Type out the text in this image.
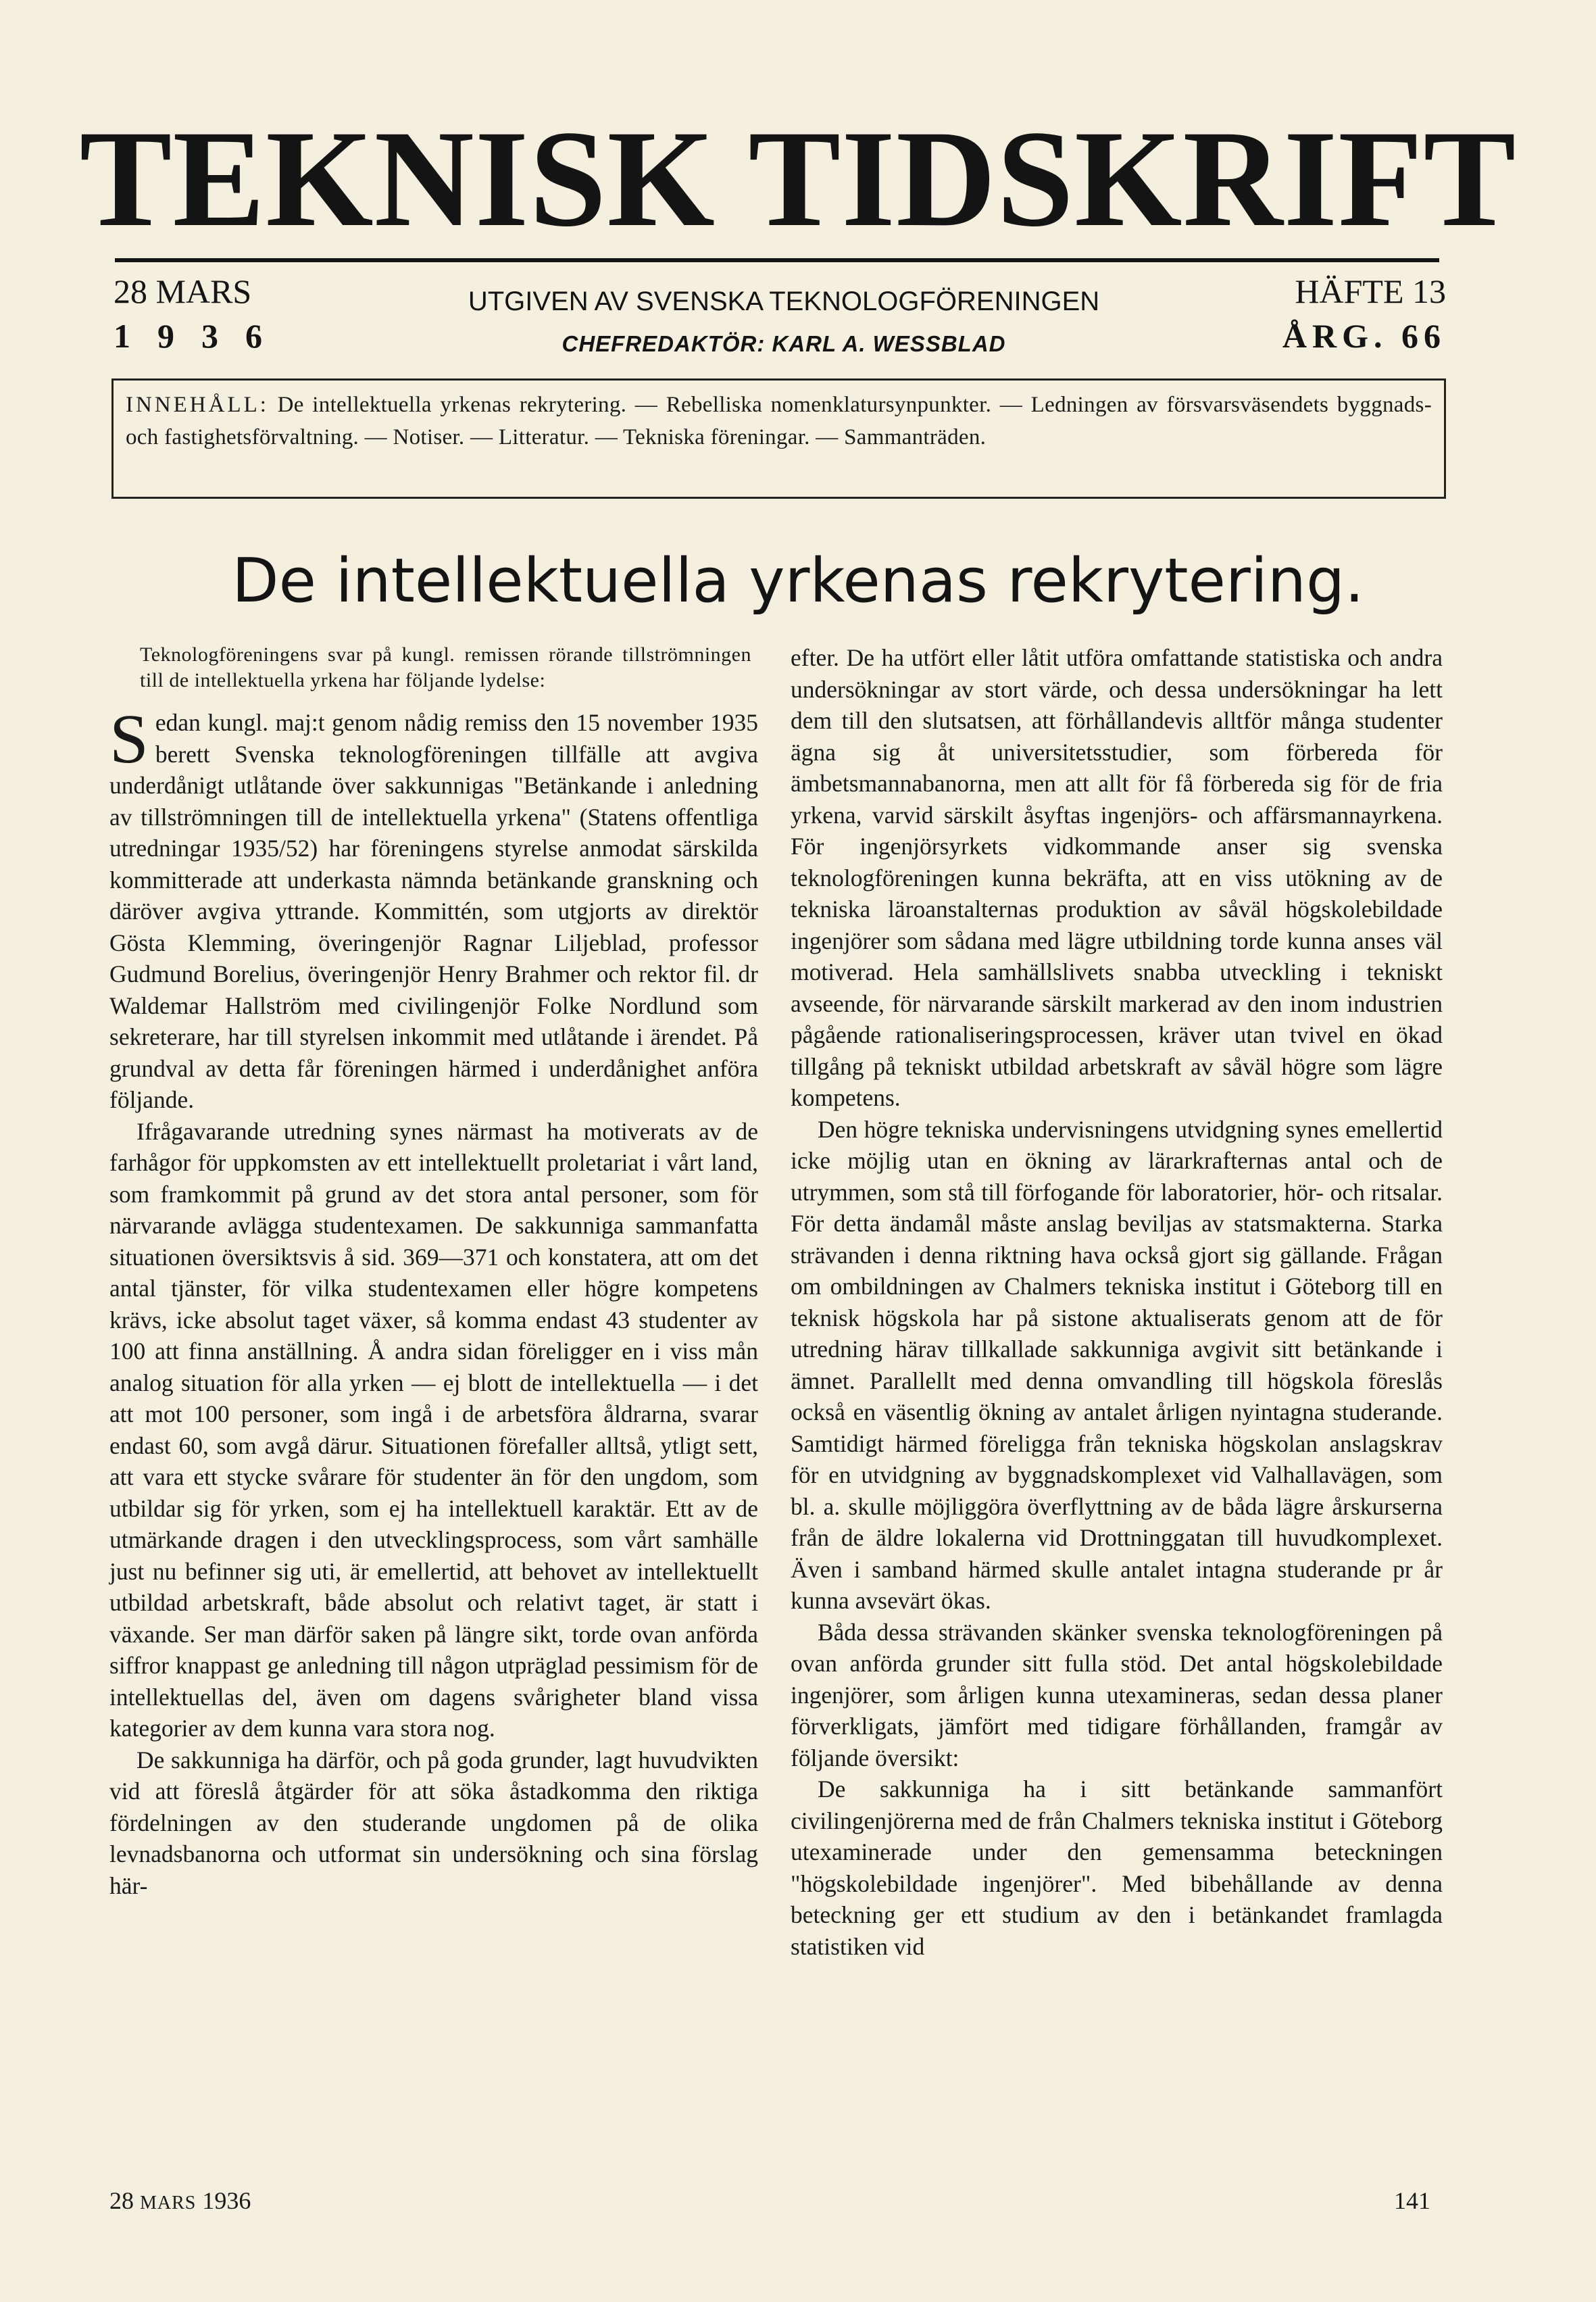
TEKNISK TIDSKRIFT
28 MARS
1936
UTGIVEN AV SVENSKA TEKNOLOGFÖRENINGEN
CHEFREDAKTÖR: KARL A. WESSBLAD
HÄFTE 13
ÅRG. 66
INNEHÅLL: De intellektuella yrkenas rekrytering. — Rebelliska nomenklatursynpunkter. — Ledningen av försvarsväsendets byggnads- och fastighetsförvaltning. — Notiser. — Litteratur. — Tekniska föreningar. — Sammanträden.
De intellektuella yrkenas rekrytering.

Teknologföreningens svar på kungl. remissen rörande tillströmningen till de intellektuella yrkena har följande lydelse:

Sedan kungl. maj:t genom nådig remiss den 15 november 1935 berett Svenska teknologföreningen tillfälle att avgiva underdånigt utlåtande över sakkunnigas "Betänkande i anledning av tillströmningen till de intellektuella yrkena" (Statens offentliga utredningar 1935/52) har föreningens styrelse anmodat särskilda kommitterade att underkasta nämnda betänkande granskning och däröver avgiva yttrande. Kommittén, som utgjorts av direktör Gösta Klemming, överingenjör Ragnar Liljeblad, professor Gudmund Borelius, överingenjör Henry Brahmer och rektor fil. dr Waldemar Hallström med civilingenjör Folke Nordlund som sekreterare, har till styrelsen inkommit med utlåtande i ärendet. På grundval av detta får föreningen härmed i underdånighet anföra följande.

Ifrågavarande utredning synes närmast ha motiverats av de farhågor för uppkomsten av ett intellektuellt proletariat i vårt land, som framkommit på grund av det stora antal personer, som för närvarande avlägga studentexamen. De sakkunniga sammanfatta situationen översiktsvis å sid. 369—371 och konstatera, att om det antal tjänster, för vilka studentexamen eller högre kompetens krävs, icke absolut taget växer, så komma endast 43 studenter av 100 att finna anställning. Å andra sidan föreligger en i viss mån analog situation för alla yrken — ej blott de intellektuella — i det att mot 100 personer, som ingå i de arbetsföra åldrarna, svarar endast 60, som avgå därur. Situationen förefaller alltså, ytligt sett, att vara ett stycke svårare för studenter än för den ungdom, som utbildar sig för yrken, som ej ha intellektuell karaktär. Ett av de utmärkande dragen i den utvecklingsprocess, som vårt samhälle just nu befinner sig uti, är emellertid, att behovet av intellektuellt utbildad arbetskraft, både absolut och relativt taget, är statt i växande. Ser man därför saken på längre sikt, torde ovan anförda siffror knappast ge anledning till någon utpräglad pessimism för de intellektuellas del, även om dagens svårigheter bland vissa kategorier av dem kunna vara stora nog.

De sakkunniga ha därför, och på goda grunder, lagt huvudvikten vid att föreslå åtgärder för att söka åstadkomma den riktiga fördelningen av den studerande ungdomen på de olika levnadsbanorna och utformat sin undersökning och sina förslag här-

efter. De ha utfört eller låtit utföra omfattande statistiska och andra undersökningar av stort värde, och dessa undersökningar ha lett dem till den slutsatsen, att förhållandevis alltför många studenter ägna sig åt universitetsstudier, som förbereda för ämbetsmannabanorna, men att allt för få förbereda sig för de fria yrkena, varvid särskilt åsyftas ingenjörs- och affärsmannayrkena. För ingenjörsyrkets vidkommande anser sig svenska teknologföreningen kunna bekräfta, att en viss utökning av de tekniska läroanstalternas produktion av såväl högskolebildade ingenjörer som sådana med lägre utbildning torde kunna anses väl motiverad. Hela samhällslivets snabba utveckling i tekniskt avseende, för närvarande särskilt markerad av den inom industrien pågående rationaliseringsprocessen, kräver utan tvivel en ökad tillgång på tekniskt utbildad arbetskraft av såväl högre som lägre kompetens.

Den högre tekniska undervisningens utvidgning synes emellertid icke möjlig utan en ökning av lärarkrafternas antal och de utrymmen, som stå till förfogande för laboratorier, hör- och ritsalar. För detta ändamål måste anslag beviljas av statsmakterna. Starka strävanden i denna riktning hava också gjort sig gällande. Frågan om ombildningen av Chalmers tekniska institut i Göteborg till en teknisk högskola har på sistone aktualiserats genom att de för utredning härav tillkallade sakkunniga avgivit sitt betänkande i ämnet. Parallellt med denna omvandling till högskola föreslås också en väsentlig ökning av antalet årligen nyintagna studerande. Samtidigt härmed föreligga från tekniska högskolan anslagskrav för en utvidgning av byggnadskomplexet vid Valhallavägen, som bl. a. skulle möjliggöra överflyttning av de båda lägre årskurserna från de äldre lokalerna vid Drottninggatan till huvudkomplexet. Även i samband härmed skulle antalet intagna studerande pr år kunna avsevärt ökas.

Båda dessa strävanden skänker svenska teknologföreningen på ovan anförda grunder sitt fulla stöd. Det antal högskolebildade ingenjörer, som årligen kunna utexamineras, sedan dessa planer förverkligats, jämfört med tidigare förhållanden, framgår av följande översikt:

De sakkunniga ha i sitt betänkande sammanfört civilingenjörerna med de från Chalmers tekniska institut i Göteborg utexaminerade under den gemensamma beteckningen "högskolebildade ingenjörer". Med bibehållande av denna beteckning ger ett studium av den i betänkandet framlagda statistiken vid

28 MARS 1936	141
